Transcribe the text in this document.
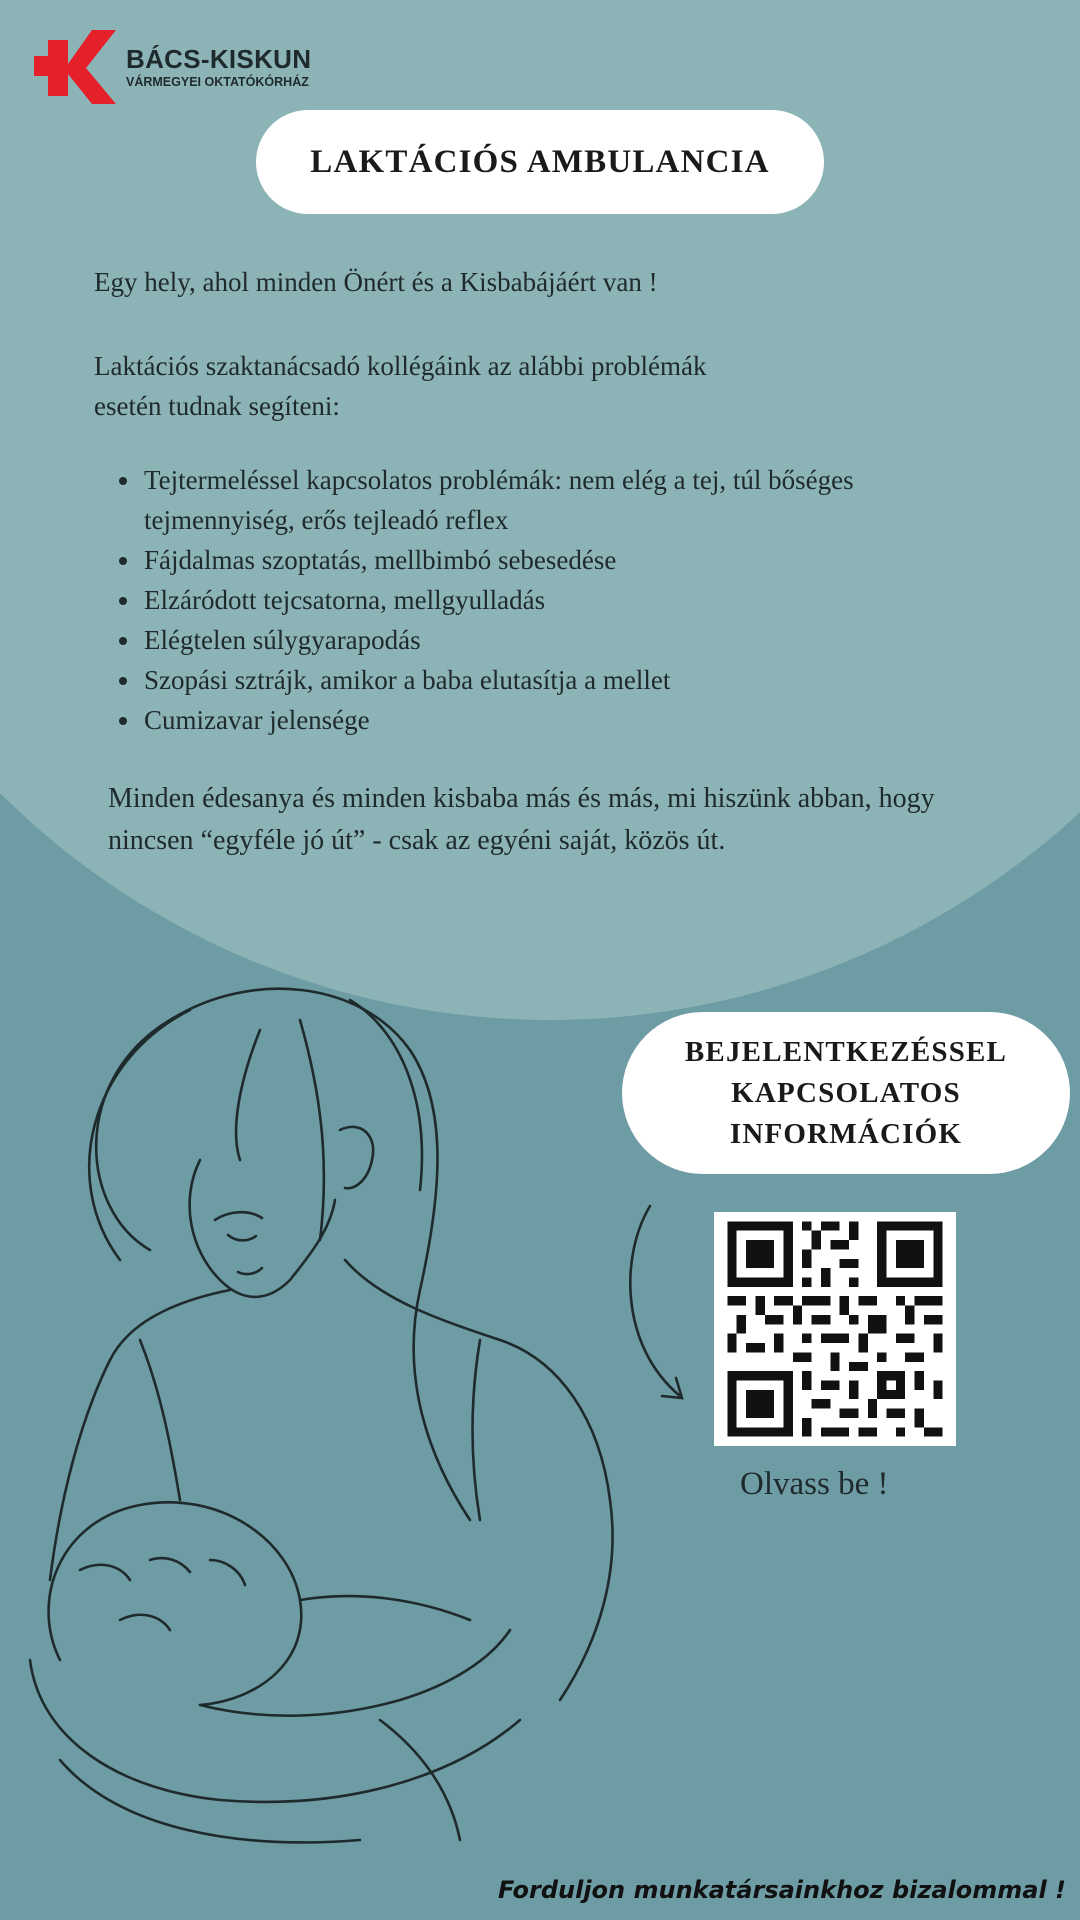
BÁCS-KISKUN
VÁRMEGYEI OKTATÓKÓRHÁZ
LAKTÁCIÓS AMBULANCIA
Egy hely, ahol minden Önért és a Kisbabájáért van !
Laktációs szaktanácsadó kollégáink az alábbi problémák esetén tudnak segíteni:
• Tejtermeléssel kapcsolatos problémák: nem elég a tej, túl bőséges tejmennyiség, erős tejleadó reflex
• Fájdalmas szoptatás, mellbimbó sebesedése
• Elzáródott tejcsatorna, mellgyulladás
• Elégtelen súlygyarapodás
• Szopási sztrájk, amikor a baba elutasítja a mellet
• Cumizavar jelensége
Minden édesanya és minden kisbaba más és más, mi hiszünk abban, hogy nincsen “egyféle jó út” - csak az egyéni saját, közös út.
BEJELENTKEZÉSSEL
KAPCSOLATOS
INFORMÁCIÓK
Olvass be !
Forduljon munkatársainkhoz bizalommal !
